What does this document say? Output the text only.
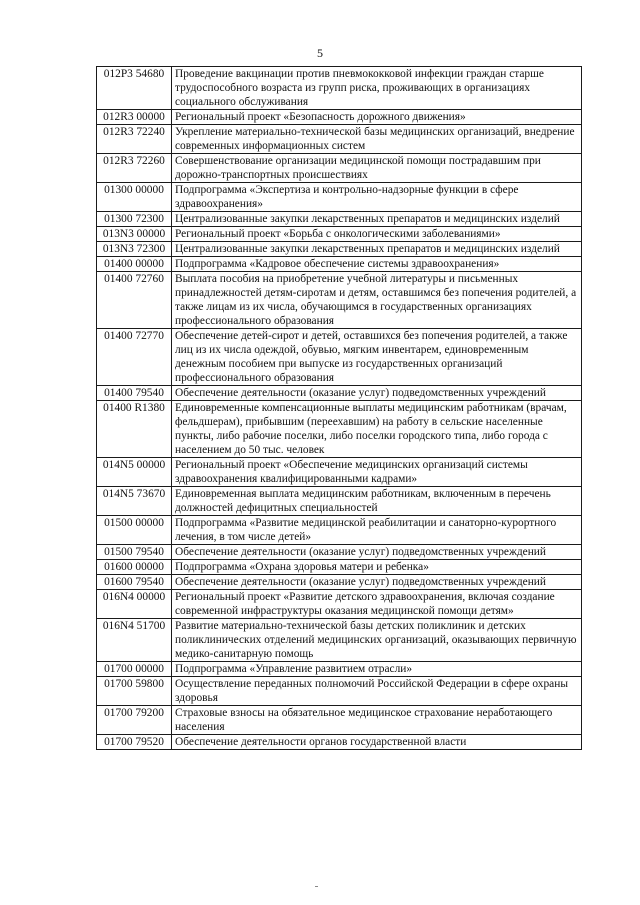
5
012P3 54680	Проведение вакцинации против пневмококковой инфекции граждан старше трудоспособного возраста из групп риска, проживающих в организациях социального обслуживания
012R3 00000	Региональный проект «Безопасность дорожного движения»
012R3 72240	Укрепление материально-технической базы медицинских организаций, внедрение современных информационных систем
012R3 72260	Совершенствование организации медицинской помощи пострадавшим при дорожно-транспортных происшествиях
01300 00000	Подпрограмма «Экспертиза и контрольно-надзорные функции в сфере здравоохранения»
01300 72300	Централизованные закупки лекарственных препаратов и медицинских изделий
013N3 00000	Региональный проект «Борьба с онкологическими заболеваниями»
013N3 72300	Централизованные закупки лекарственных препаратов и медицинских изделий
01400 00000	Подпрограмма «Кадровое обеспечение системы здравоохранения»
01400 72760	Выплата пособия на приобретение учебной литературы и письменных принадлежностей детям-сиротам и детям, оставшимся без попечения родителей, а также лицам из их числа, обучающимся в государственных организациях профессионального образования
01400 72770	Обеспечение детей-сирот и детей, оставшихся без попечения родителей, а также лиц из их числа одеждой, обувью, мягким инвентарем, единовременным денежным пособием при выпуске из государственных организаций профессионального образования
01400 79540	Обеспечение деятельности (оказание услуг) подведомственных учреждений
01400 R1380	Единовременные компенсационные выплаты медицинским работникам (врачам, фельдшерам), прибывшим (переехавшим) на работу в сельские населенные пункты, либо рабочие поселки, либо поселки городского типа, либо города с населением до 50 тыс. человек
014N5 00000	Региональный проект «Обеспечение медицинских организаций системы здравоохранения квалифицированными кадрами»
014N5 73670	Единовременная выплата медицинским работникам, включенным в перечень должностей дефицитных специальностей
01500 00000	Подпрограмма «Развитие медицинской реабилитации и санаторно-курортного лечения, в том числе детей»
01500 79540	Обеспечение деятельности (оказание услуг) подведомственных учреждений
01600 00000	Подпрограмма «Охрана здоровья матери и ребенка»
01600 79540	Обеспечение деятельности (оказание услуг) подведомственных учреждений
016N4 00000	Региональный проект «Развитие детского здравоохранения, включая создание современной инфраструктуры оказания медицинской помощи детям»
016N4 51700	Развитие материально-технической базы детских поликлиник и детских поликлинических отделений медицинских организаций, оказывающих первичную медико-санитарную помощь
01700 00000	Подпрограмма «Управление развитием отрасли»
01700 59800	Осуществление переданных полномочий Российской Федерации в сфере охраны здоровья
01700 79200	Страховые взносы на обязательное медицинское страхование неработающего населения
01700 79520	Обеспечение деятельности органов государственной власти
